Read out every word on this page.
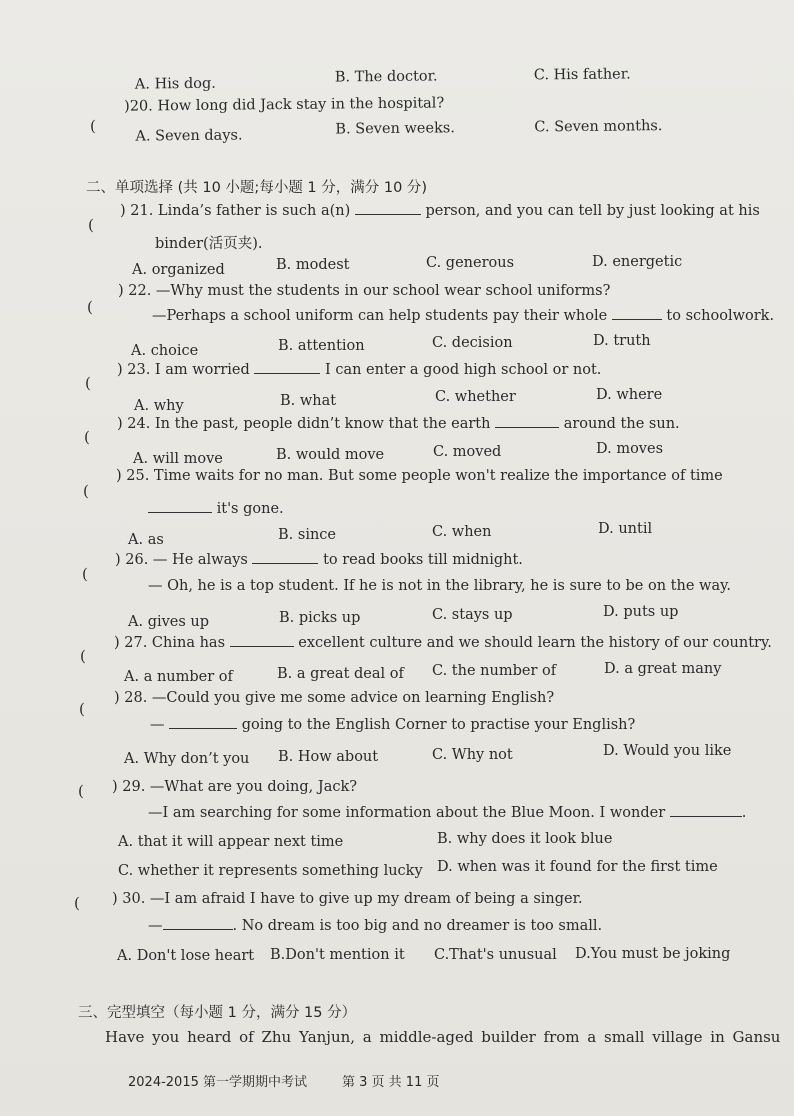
A. His dog.	B. The doctor.	C. His father.
(
)20. How long did Jack stay in the hospital?
A. Seven days.	B. Seven weeks.	C. Seven months.
二、单项选择 (共 10 小题;每小题 1 分，满分 10 分)
(
) 21. Linda’s father is such a(n)	person, and you can tell by just looking at his
binder(活页夹).
A. organized	B. modest	C. generous	D. energetic
(
) 22. —Why must the students in our school wear school uniforms?
—Perhaps a school uniform can help students pay their whole	to schoolwork.
A. choice	B. attention	C. decision	D. truth
(
) 23. I am worried	I can enter a good high school or not.
A. why	B. what	C. whether	D. where
(
) 24. In the past, people didn’t know that the earth	around the sun.
A. will move	B. would move	C. moved	D. moves
(
) 25. Time waits for no man. But some people won't realize the importance of time
it's gone.
A. as	B. since	C. when	D. until
(
) 26. — He always	to read books till midnight.
— Oh, he is a top student. If he is not in the library, he is sure to be on the way.
A. gives up	B. picks up	C. stays up	D. puts up
(
) 27. China has	excellent culture and we should learn the history of our country.
A. a number of	B. a great deal of C. the number of	D. a great many
(
) 28. —Could you give me some advice on learning English?
—	going to the English Corner to practise your English?
A. Why don’t you B. How about	C. Why not	D. Would you like
( ) 29. —What are you doing, Jack?
—I am searching for some information about the Blue Moon. I wonder	.
A. that it will appear next time	B. why does it look blue
C. whether it represents something lucky D. when was it found for the first time
( ) 30. —I am afraid I have to give up my dream of being a singer.
—	. No dream is too big and no dreamer is too small.
A. Don't lose heart B.Don't mention it C.That's unusual D.You must be joking
三、完型填空（每小题 1 分，满分 15 分）
Have you heard of Zhu Yanjun, a middle-aged builder from a small village in Gansu
2024-2015 第一学期期中考试	第 3 页 共 11 页
